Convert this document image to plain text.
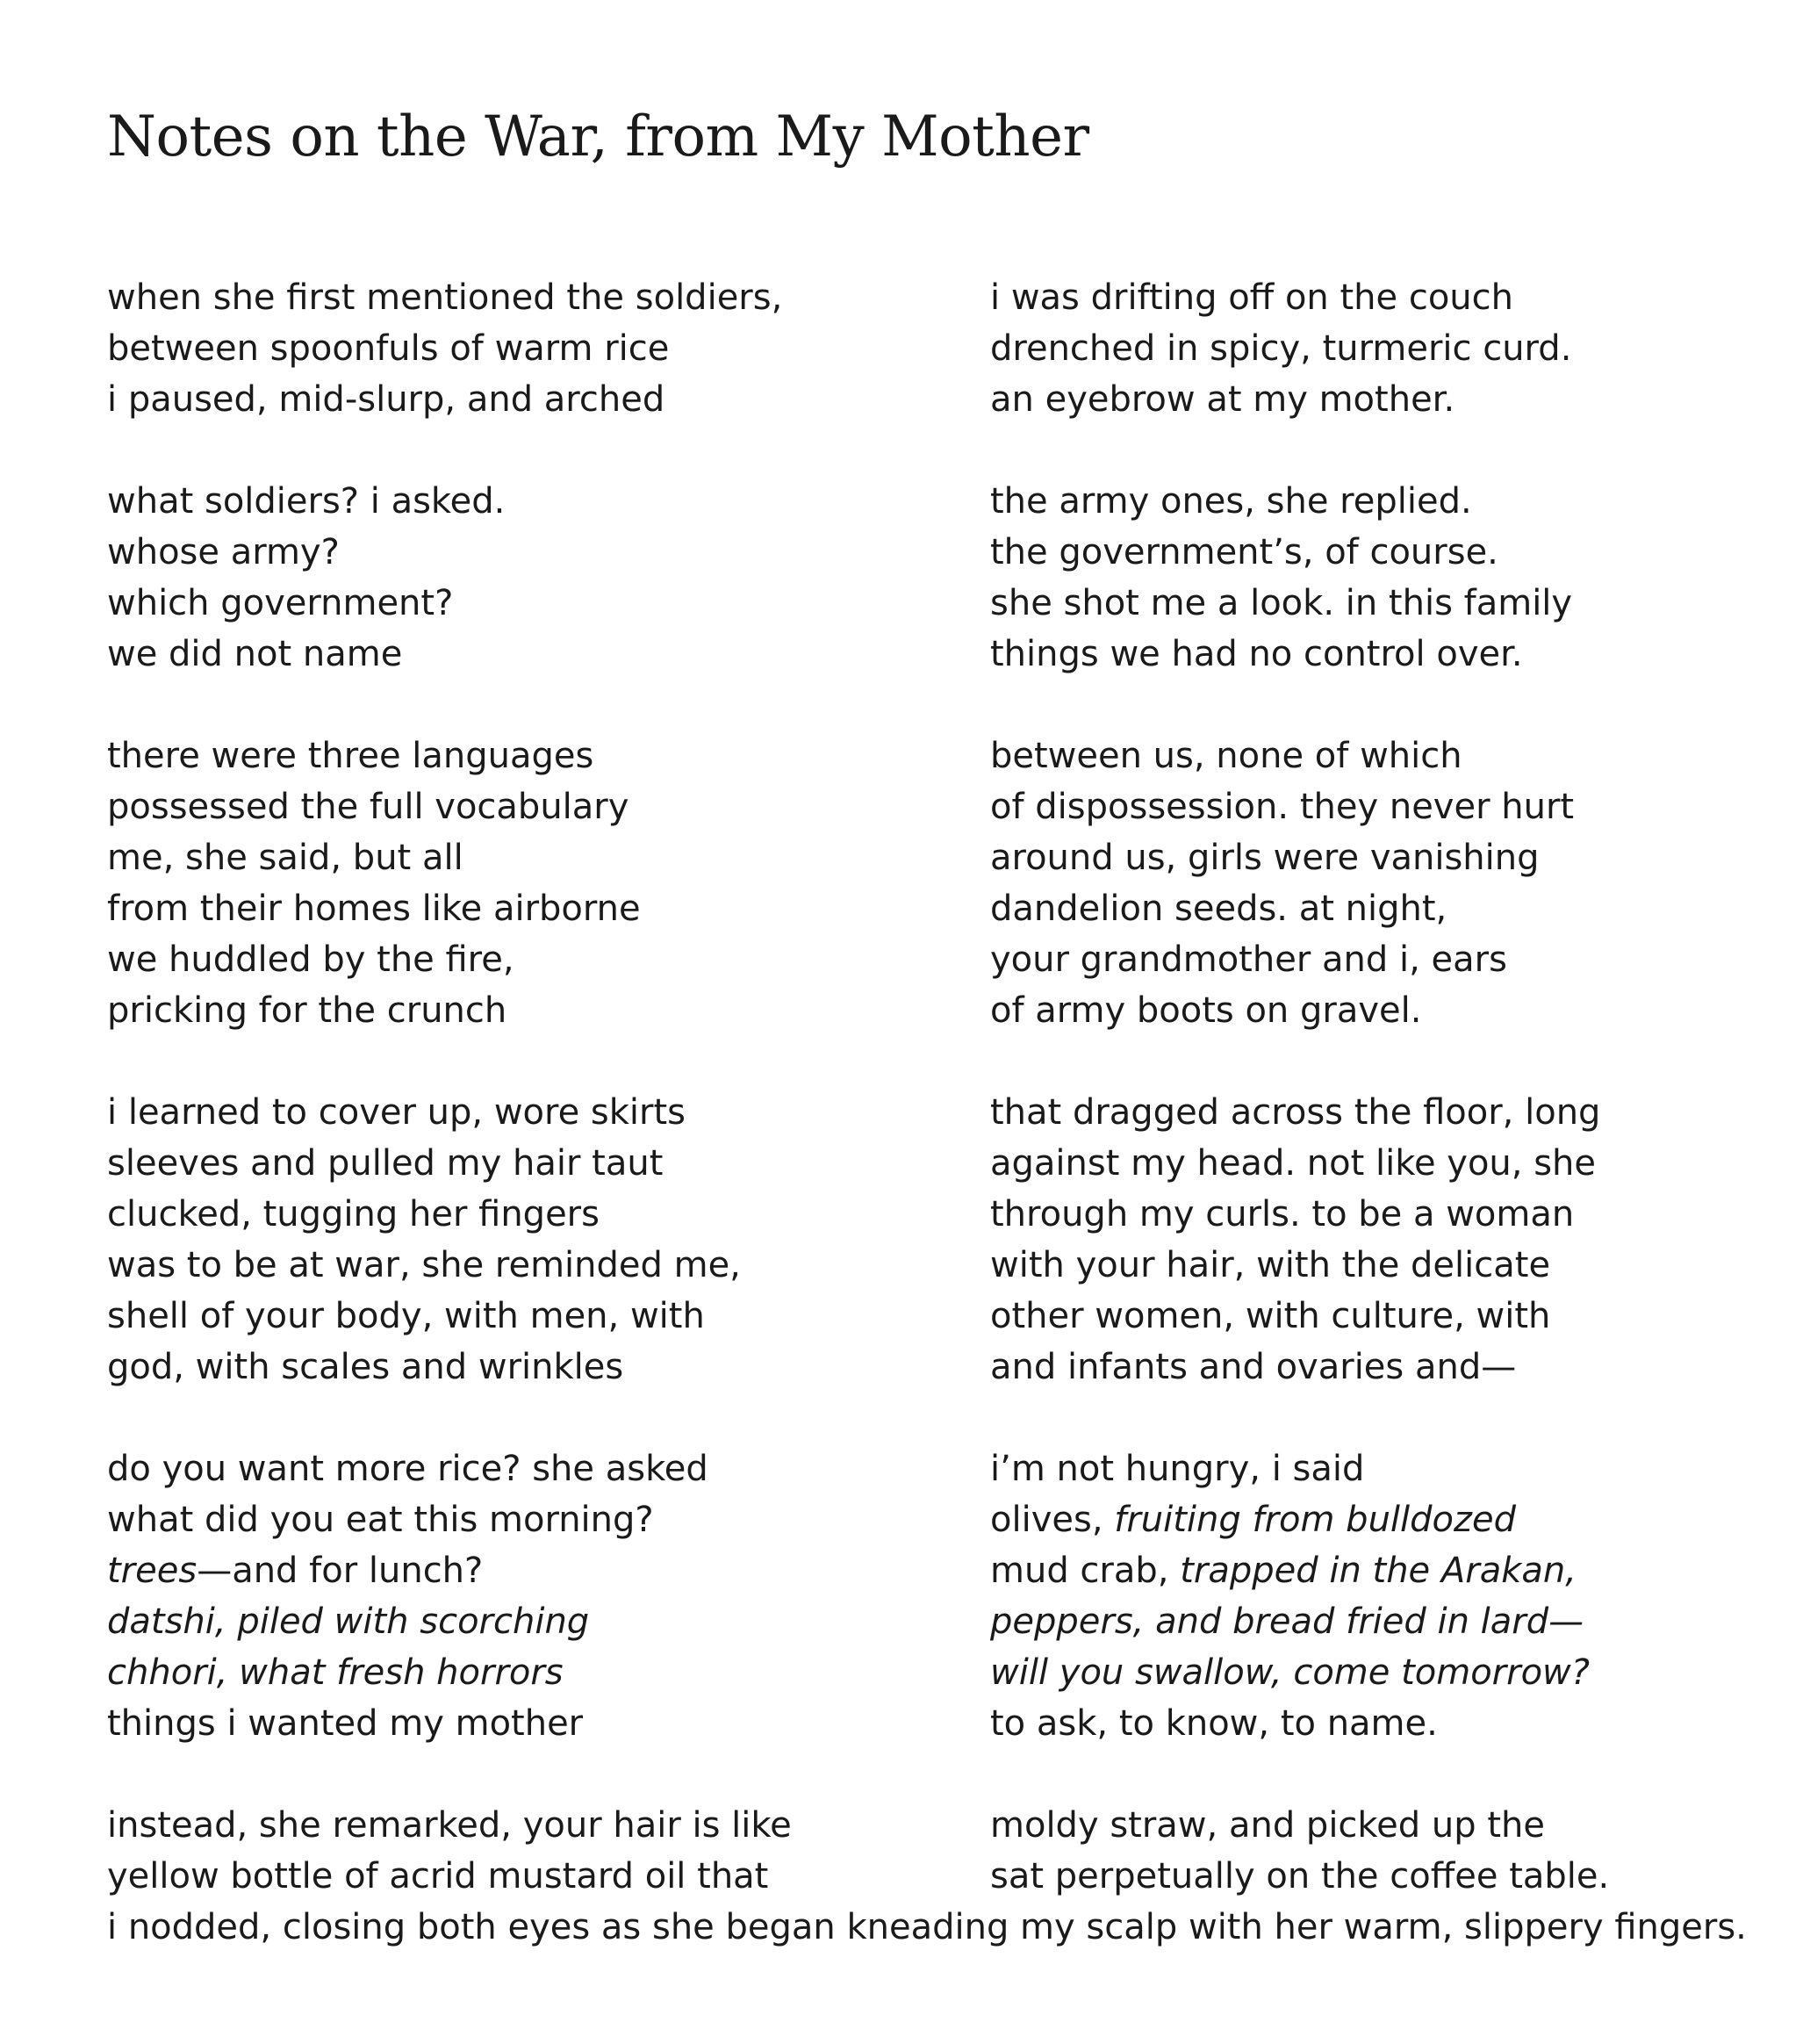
Notes on the War, from My Mother
when she first mentioned the soldiers,	i was drifting off on the couch
between spoonfuls of warm rice	drenched in spicy, turmeric curd.
i paused, mid-slurp, and arched	an eyebrow at my mother.
what soldiers? i asked.	the army ones, she replied.
whose army?	the government’s, of course.
which government?	she shot me a look. in this family
we did not name	things we had no control over.
there were three languages	between us, none of which
possessed the full vocabulary	of dispossession. they never hurt
me, she said, but all	around us, girls were vanishing
from their homes like airborne	dandelion seeds. at night,
we huddled by the fire,	your grandmother and i, ears
pricking for the crunch	of army boots on gravel.
i learned to cover up, wore skirts	that dragged across the floor, long
sleeves and pulled my hair taut	against my head. not like you, she
clucked, tugging her fingers	through my curls. to be a woman
was to be at war, she reminded me,	with your hair, with the delicate
shell of your body, with men, with	other women, with culture, with
god, with scales and wrinkles	and infants and ovaries and—
do you want more rice? she asked	i’m not hungry, i said
what did you eat this morning?	olives, fruiting from bulldozed
trees—and for lunch?	mud crab, trapped in the Arakan,
datshi, piled with scorching	peppers, and bread fried in lard—
chhori, what fresh horrors	will you swallow, come tomorrow?
things i wanted my mother	to ask, to know, to name.
instead, she remarked, your hair is like	moldy straw, and picked up the
yellow bottle of acrid mustard oil that	sat perpetually on the coffee table.
i nodded, closing both eyes as she began kneading my scalp with her warm, slippery fingers.
